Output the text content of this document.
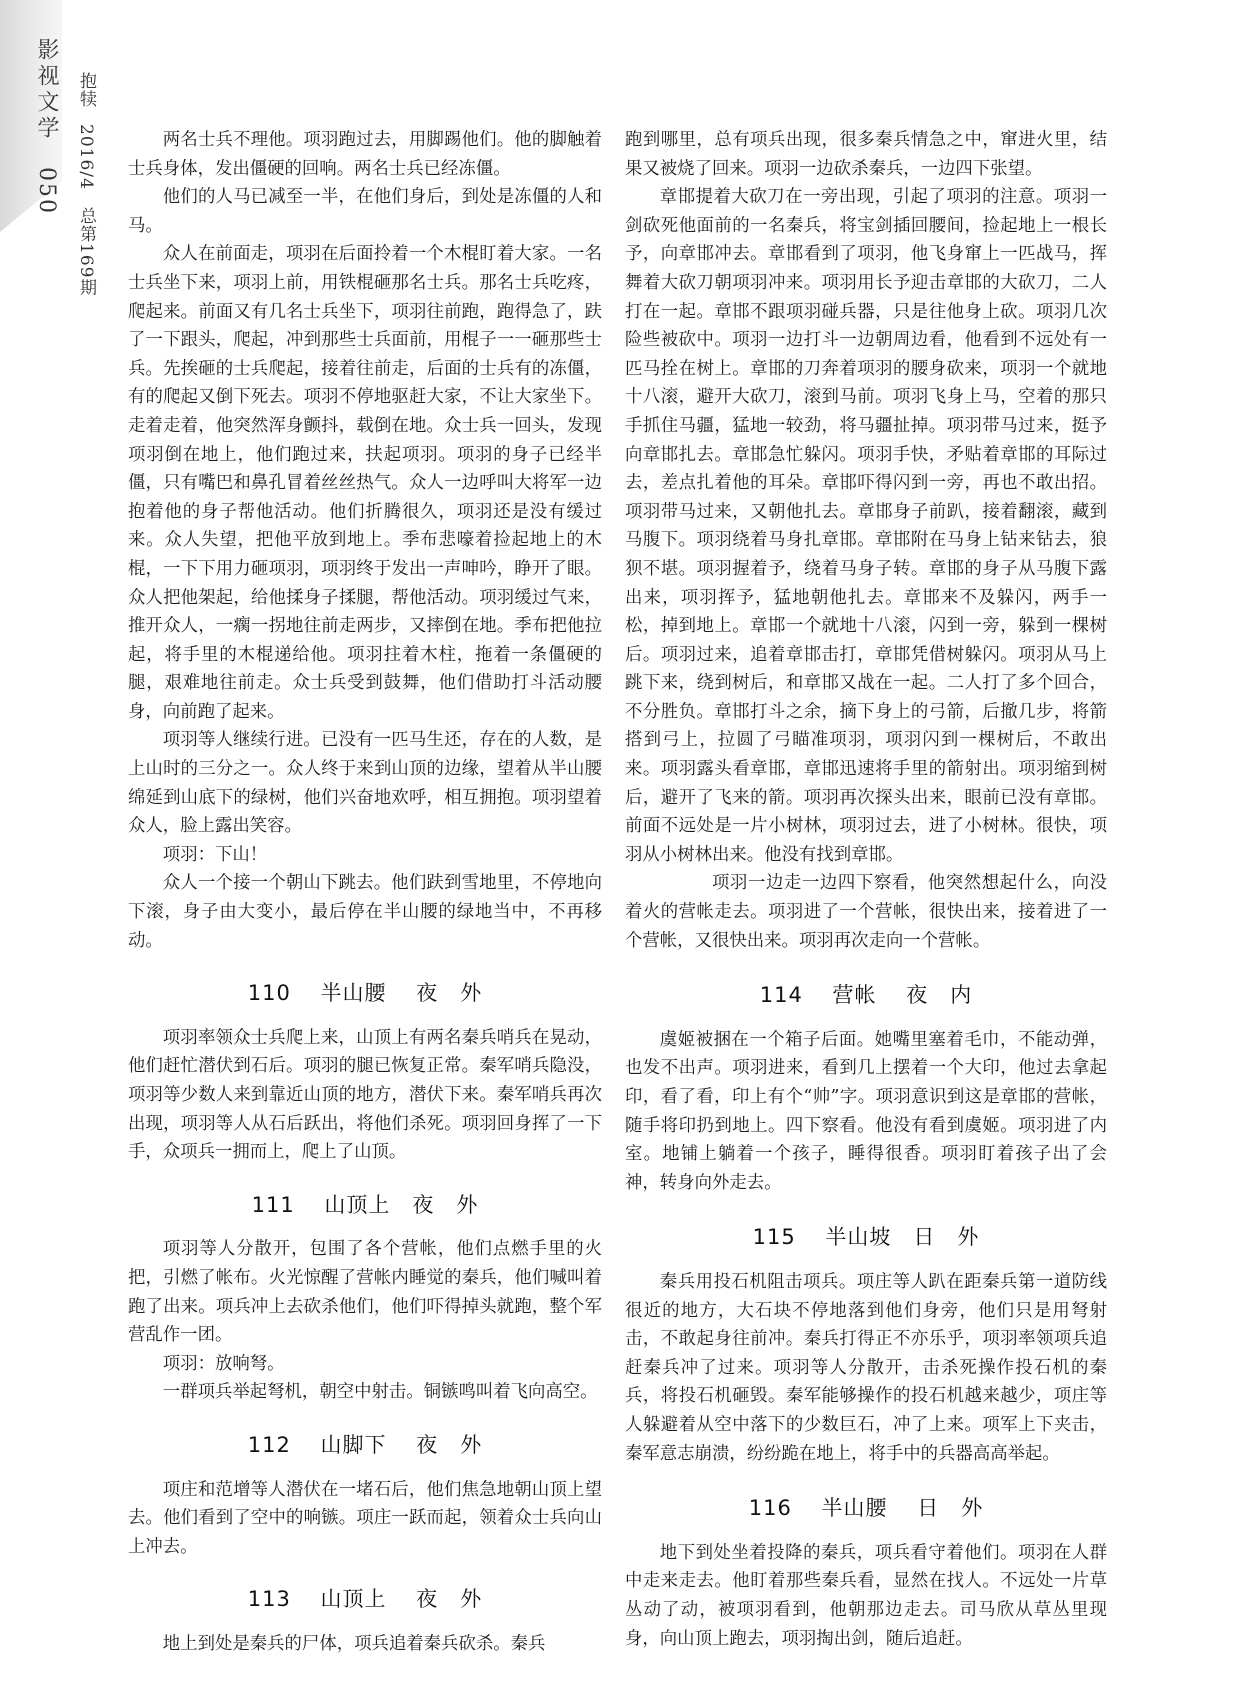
影视文学 050
抱犊 2016/4 总第169期

两名士兵不理他。项羽跑过去，用脚踢他们。他的脚触着士兵身体，发出僵硬的回响。两名士兵已经冻僵。

他们的人马已减至一半，在他们身后，到处是冻僵的人和马。

众人在前面走，项羽在后面拎着一个木棍盯着大家。一名士兵坐下来，项羽上前，用铁棍砸那名士兵。那名士兵吃疼，爬起来。前面又有几名士兵坐下，项羽往前跑，跑得急了，趺了一下跟头，爬起，冲到那些士兵面前，用棍子一一砸那些士兵。先挨砸的士兵爬起，接着往前走，后面的士兵有的冻僵，有的爬起又倒下死去。项羽不停地驱赶大家，不让大家坐下。走着走着，他突然浑身颤抖，载倒在地。众士兵一回头，发现项羽倒在地上，他们跑过来，扶起项羽。项羽的身子已经半僵，只有嘴巴和鼻孔冒着丝丝热气。众人一边呼叫大将军一边抱着他的身子帮他活动。他们折腾很久，项羽还是没有缓过来。众人失望，把他平放到地上。季布悲嚎着捡起地上的木棍，一下下用力砸项羽，项羽终于发出一声呻吟，睁开了眼。众人把他架起，给他揉身子揉腿，帮他活动。项羽缓过气来，推开众人，一瘸一拐地往前走两步，又摔倒在地。季布把他拉起，将手里的木棍递给他。项羽拄着木柱，拖着一条僵硬的腿，艰难地往前走。众士兵受到鼓舞，他们借助打斗活动腰身，向前跑了起来。

项羽等人继续行进。已没有一匹马生还，存在的人数，是上山时的三分之一。众人终于来到山顶的边缘，望着从半山腰绵延到山底下的绿树，他们兴奋地欢呼，相互拥抱。项羽望着众人，脸上露出笑容。

项羽：下山！

众人一个接一个朝山下跳去。他们趺到雪地里，不停地向下滚，身子由大变小，最后停在半山腰的绿地当中，不再移动。

110　 半山腰　 夜　外

项羽率领众士兵爬上来，山顶上有两名秦兵哨兵在晃动，他们赶忙潜伏到石后。项羽的腿已恢复正常。秦军哨兵隐没，项羽等少数人来到靠近山顶的地方，潜伏下来。秦军哨兵再次出现，项羽等人从石后跃出，将他们杀死。项羽回身挥了一下手，众项兵一拥而上，爬上了山顶。

111　 山顶上　夜　外

项羽等人分散开，包围了各个营帐，他们点燃手里的火把，引燃了帐布。火光惊醒了营帐内睡觉的秦兵，他们喊叫着跑了出来。项兵冲上去砍杀他们，他们吓得掉头就跑，整个军营乱作一团。

项羽：放响弩。

一群项兵举起弩机，朝空中射击。铜镞鸣叫着飞向高空。

112　 山脚下　 夜　外

项庄和范增等人潜伏在一堵石后，他们焦急地朝山顶上望去。他们看到了空中的响镞。项庄一跃而起，领着众士兵向山上冲去。

113　 山顶上　 夜　外

地上到处是秦兵的尸体，项兵追着秦兵砍杀。秦兵

跑到哪里，总有项兵出现，很多秦兵情急之中，窜进火里，结果又被烧了回来。项羽一边砍杀秦兵，一边四下张望。

章邯提着大砍刀在一旁出现，引起了项羽的注意。项羽一剑砍死他面前的一名秦兵，将宝剑插回腰间，捡起地上一根长予，向章邯冲去。章邯看到了项羽，他飞身窜上一匹战马，挥舞着大砍刀朝项羽冲来。项羽用长予迎击章邯的大砍刀，二人打在一起。章邯不跟项羽碰兵器，只是往他身上砍。项羽几次险些被砍中。项羽一边打斗一边朝周边看，他看到不远处有一匹马拴在树上。章邯的刀奔着项羽的腰身砍来，项羽一个就地十八滚，避开大砍刀，滚到马前。项羽飞身上马，空着的那只手抓住马疆，猛地一较劲，将马疆扯掉。项羽带马过来，挺予向章邯扎去。章邯急忙躲闪。项羽手快，矛贴着章邯的耳际过去，差点扎着他的耳朵。章邯吓得闪到一旁，再也不敢出招。项羽带马过来，又朝他扎去。章邯身子前趴，接着翻滚，藏到马腹下。项羽绕着马身扎章邯。章邯附在马身上钻来钻去，狼狈不堪。项羽握着予，绕着马身子转。章邯的身子从马腹下露出来，项羽挥予，猛地朝他扎去。章邯来不及躲闪，两手一松，掉到地上。章邯一个就地十八滚，闪到一旁，躲到一棵树后。项羽过来，追着章邯击打，章邯凭借树躲闪。项羽从马上跳下来，绕到树后，和章邯又战在一起。二人打了多个回合，不分胜负。章邯打斗之余，摘下身上的弓箭，后撤几步，将箭搭到弓上，拉圆了弓瞄准项羽，项羽闪到一棵树后，不敢出来。项羽露头看章邯，章邯迅速将手里的箭射出。项羽缩到树后，避开了飞来的箭。项羽再次探头出来，眼前已没有章邯。前面不远处是一片小树林，项羽过去，进了小树林。很快，项羽从小树林出来。他没有找到章邯。

项羽一边走一边四下察看，他突然想起什么，向没着火的营帐走去。项羽进了一个营帐，很快出来，接着进了一个营帐，又很快出来。项羽再次走向一个营帐。

114　 营帐　 夜　内

虞姬被捆在一个箱子后面。她嘴里塞着毛巾，不能动弹，也发不出声。项羽进来，看到几上摆着一个大印，他过去拿起印，看了看，印上有个“帅”字。项羽意识到这是章邯的营帐，随手将印扔到地上。四下察看。他没有看到虞姬。项羽进了内室。地铺上躺着一个孩子，睡得很香。项羽盯着孩子出了会神，转身向外走去。

115　 半山坡　日　外

秦兵用投石机阻击项兵。项庄等人趴在距秦兵第一道防线很近的地方，大石块不停地落到他们身旁，他们只是用弩射击，不敢起身往前冲。秦兵打得正不亦乐乎，项羽率领项兵追赶秦兵冲了过来。项羽等人分散开，击杀死操作投石机的秦兵，将投石机砸毁。秦军能够操作的投石机越来越少，项庄等人躲避着从空中落下的少数巨石，冲了上来。项军上下夹击，秦军意志崩溃，纷纷跪在地上，将手中的兵器高高举起。

116　 半山腰　 日　外

地下到处坐着投降的秦兵，项兵看守着他们。项羽在人群中走来走去。他盯着那些秦兵看，显然在找人。不远处一片草丛动了动，被项羽看到，他朝那边走去。司马欣从草丛里现身，向山顶上跑去，项羽掏出剑，随后追赶。
